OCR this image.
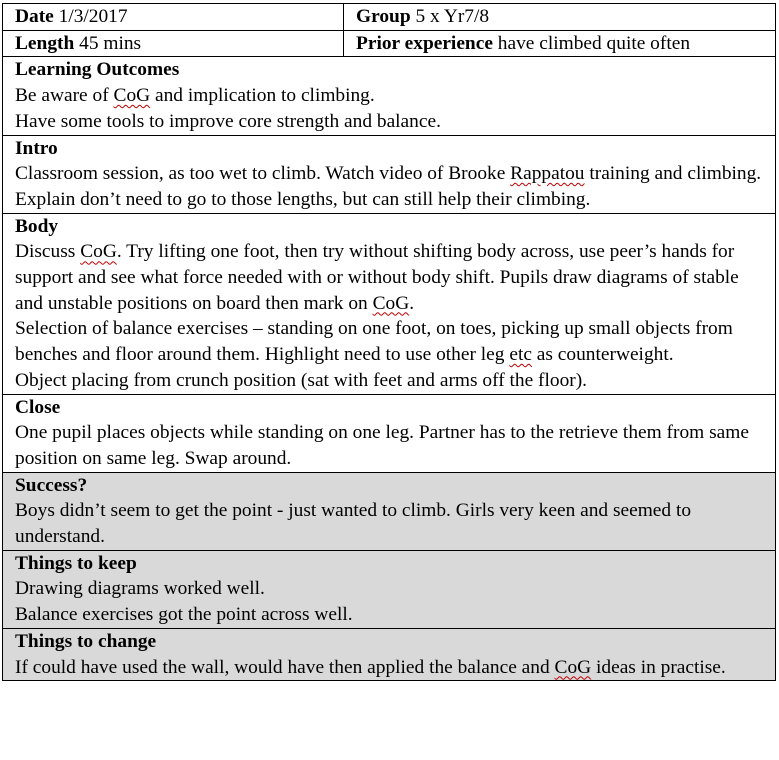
Date 1/3/2017	Group 5 x Yr7/8
Length 45 mins	Prior experience have climbed quite often

Learning Outcomes
Be aware of CoG and implication to climbing.
Have some tools to improve core strength and balance.	

Intro
Classroom session, as too wet to climb. Watch video of Brooke Rappatou training and climbing. Explain don’t need to go to those lengths, but can still help their climbing.	

Body
Discuss CoG. Try lifting one foot, then try without shifting body across, use peer’s hands for support and see what force needed with or without body shift. Pupils draw diagrams of stable and unstable positions on board then mark on CoG.
Selection of balance exercises – standing on one foot, on toes, picking up small objects from benches and floor around them. Highlight need to use other leg etc as counterweight.
Object placing from crunch position (sat with feet and arms off the floor).	

Close
One pupil places objects while standing on one leg. Partner has to the retrieve them from same position on same leg. Swap around.	

Success?
Boys didn’t seem to get the point - just wanted to climb. Girls very keen and seemed to understand.	

Things to keep
Drawing diagrams worked well.
Balance exercises got the point across well.	

Things to change
If could have used the wall, would have then applied the balance and CoG ideas in practise.	
